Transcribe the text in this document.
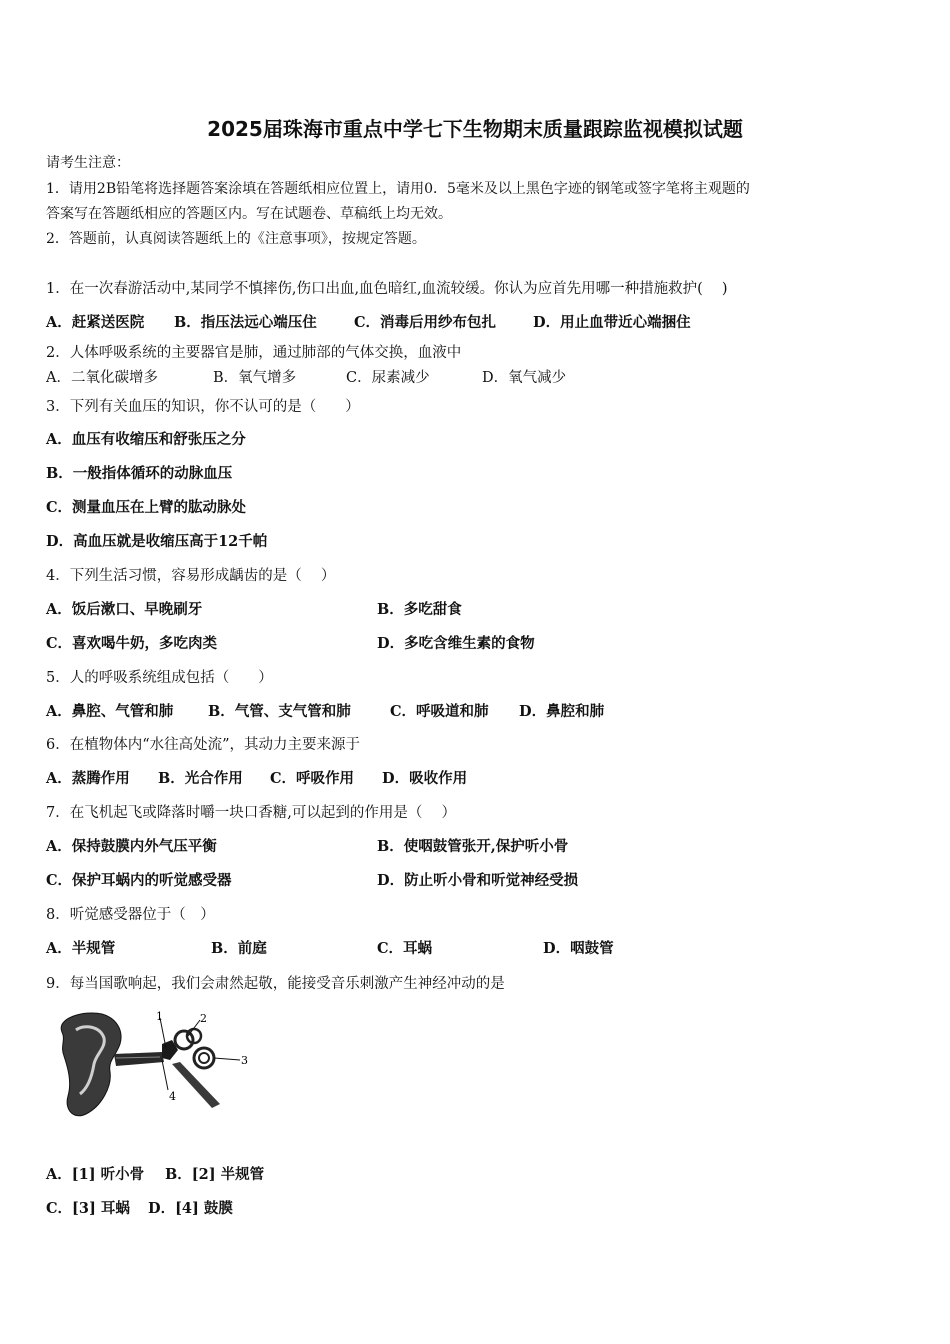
2025届珠海市重点中学七下生物期末质量跟踪监视模拟试题
请考生注意：
1．请用2B铅笔将选择题答案涂填在答题纸相应位置上，请用0．5毫米及以上黑色字迹的钢笔或签字笔将主观题的
答案写在答题纸相应的答题区内。写在试题卷、草稿纸上均无效。
2．答题前，认真阅读答题纸上的《注意事项》，按规定答题。
1．在一次春游活动中,某同学不慎摔伤,伤口出血,血色暗红,血流较缓。你认为应首先用哪一种措施救护(　 )
A．赶紧送医院 B．指压法远心端压住	C．消毒后用纱布包扎	D．用止血带近心端捆住
2．人体呼吸系统的主要器官是肺，通过肺部的气体交换，血液中
A．二氧化碳增多	B．氧气增多	C．尿素减少	D．氧气减少
3．下列有关血压的知识，你不认可的是（　　）
A．血压有收缩压和舒张压之分
B．一般指体循环的动脉血压
C．测量血压在上臂的肱动脉处
D．高血压就是收缩压高于12千帕
4．下列生活习惯，容易形成龋齿的是（　 ）
A．饭后漱口、早晚刷牙	B．多吃甜食
C．喜欢喝牛奶，多吃肉类	D．多吃含维生素的食物
5．人的呼吸系统组成包括（　　）
A．鼻腔、气管和肺 B．气管、支气管和肺	C．呼吸道和肺 D．鼻腔和肺
6．在植物体内“水往高处流”，其动力主要来源于
A．蒸腾作用 B．光合作用 C．呼吸作用 D．吸收作用
7．在飞机起飞或降落时嚼一块口香糖,可以起到的作用是（　 ）
A．保持鼓膜内外气压平衡	B．使咽鼓管张开,保护听小骨
C．保护耳蜗内的听觉感受器	D．防止听小骨和听觉神经受损
8．听觉感受器位于（　）
A．半规管	B．前庭	C．耳蜗	D．咽鼓管
9．每当国歌响起，我们会肃然起敬，能接受音乐刺激产生神经冲动的是
1	2
3
4
A．[1] 听小骨 B．[2] 半规管
C．[3] 耳蜗 D．[4] 鼓膜
